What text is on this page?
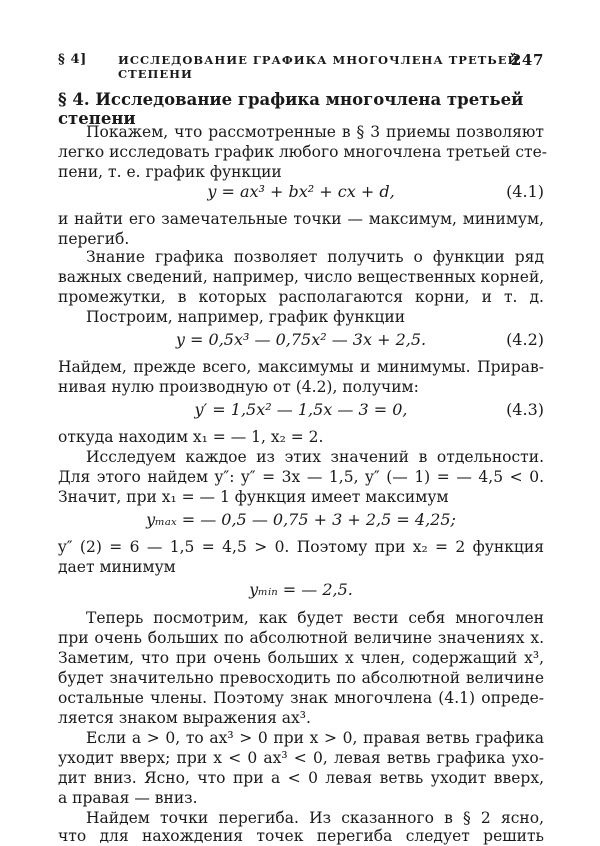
§ 4]	ИССЛЕДОВАНИЕ ГРАФИКА МНОГОЧЛЕНА ТРЕТЬЕЙ СТЕПЕНИ
247
§ 4. Исследование графика многочлена третьей степени
Покажем, что рассмотренные в § 3 приемы позволяют
легко исследовать график любого многочлена третьей сте-
пени, т. е. график функции
y = ax³ + bx² + cx + d,	(4.1)
и найти его замечательные точки — максимум, минимум,
перегиб.
Знание графика позволяет получить о функции ряд
важных сведений, например, число вещественных корней,
промежутки, в которых располагаются корни, и т. д.
Построим, например, график функции
y = 0,5x³ — 0,75x² — 3x + 2,5.	(4.2)
Найдем, прежде всего, максимумы и минимумы. Прирав-
нивая нулю производную от (4.2), получим:
y′ = 1,5x² — 1,5x — 3 = 0,	(4.3)
откуда находим x₁ = — 1, x₂ = 2.
Исследуем каждое из этих значений в отдельности.
Для этого найдем y″: y″ = 3x — 1,5, y″ (— 1) = — 4,5 < 0.
Значит, при x₁ = — 1 функция имеет максимум
yₘₐₓ = — 0,5 — 0,75 + 3 + 2,5 = 4,25;
y″ (2) = 6 — 1,5 = 4,5 > 0. Поэтому при x₂ = 2 функция
дает минимум
yₘᵢₙ = — 2,5.
Теперь посмотрим, как будет вести себя многочлен
при очень больших по абсолютной величине значениях x.
Заметим, что при очень больших x член, содержащий x³,
будет значительно превосходить по абсолютной величине
остальные члены. Поэтому знак многочлена (4.1) опреде-
ляется знаком выражения ax³.
Если a > 0, то ax³ > 0 при x > 0, правая ветвь графика
уходит вверх; при x < 0 ax³ < 0, левая ветвь графика ухо-
дит вниз. Ясно, что при a < 0 левая ветвь уходит вверх,
а правая — вниз.
Найдем точки перегиба. Из сказанного в § 2 ясно,
что для нахождения точек перегиба следует решить
